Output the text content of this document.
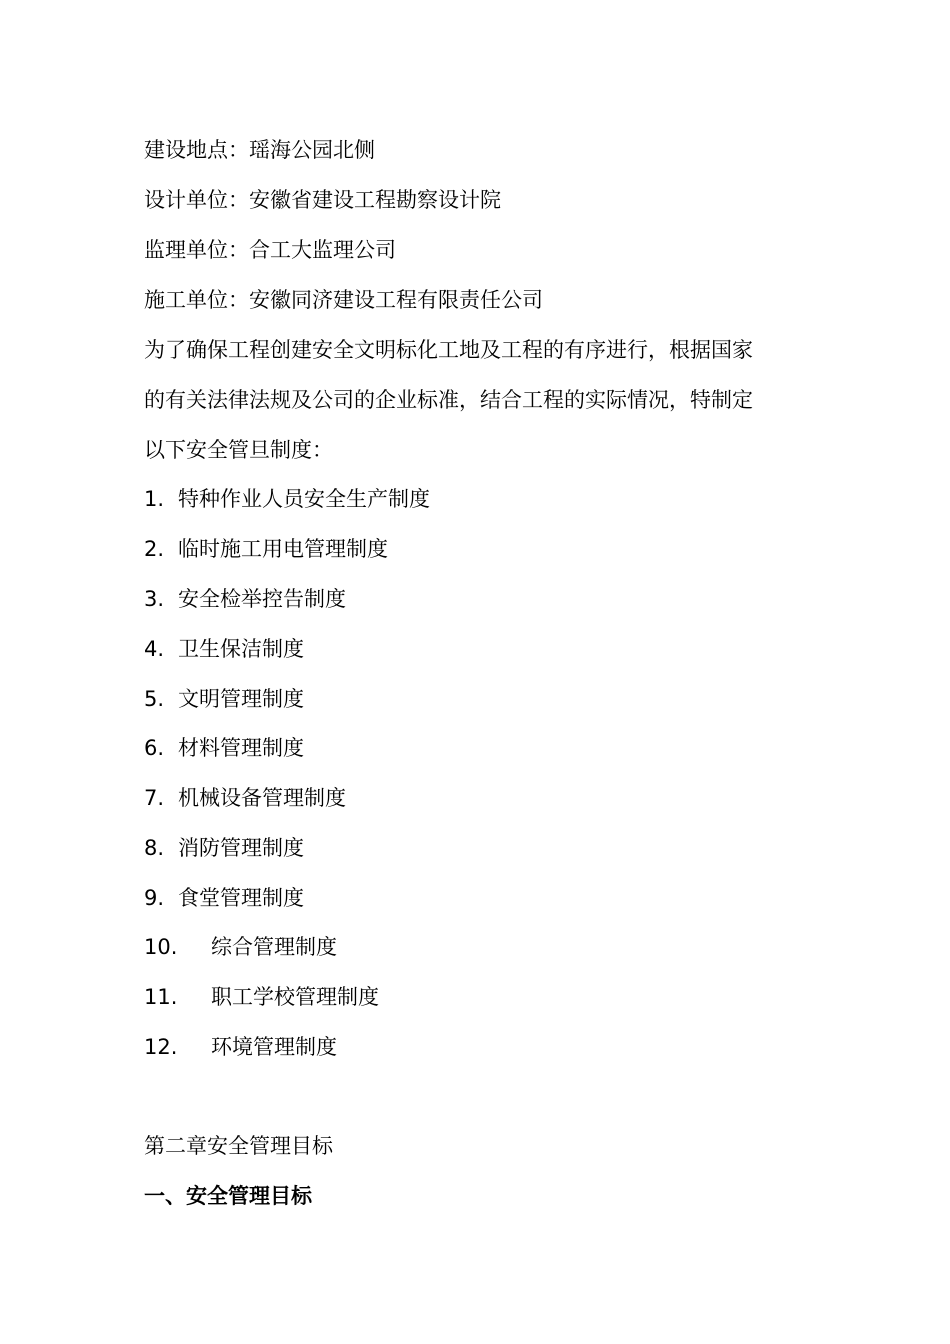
建设地点：瑶海公园北侧
设计单位：安徽省建设工程勘察设计院
监理单位：合工大监理公司
施工单位：安徽同济建设工程有限责任公司
为了确保工程创建安全文明标化工地及工程的有序进行，根据国家
的有关法律法规及公司的企业标准，结合工程的实际情况，特制定
以下安全管旦制度：
1. 特种作业人员安全生产制度
2. 临时施工用电管理制度
3. 安全检举控告制度
4. 卫生保洁制度
5. 文明管理制度
6. 材料管理制度
7. 机械设备管理制度
8. 消防管理制度
9. 食堂管理制度
10. 综合管理制度
11. 职工学校管理制度
12. 环境管理制度
第二章安全管理目标
一、安全管理目标
